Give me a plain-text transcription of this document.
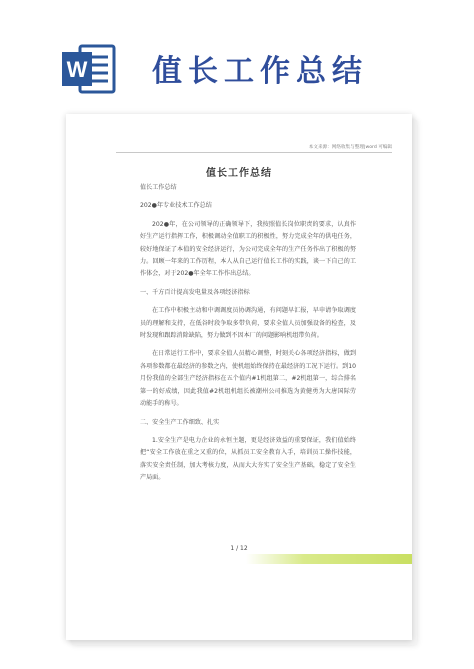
W 值长工作总结
本文来源：网络收集与整理|word 可编辑
值长工作总结

值长工作总结

202●年专业技术工作总结

202●年，在公司领导的正确领导下，我按照值长岗位职责的要求，认真作好生产运行指挥工作，积极调动全值职工的积极性，努力完成全年的供电任务，较好地保证了本值的安全经济运行，为公司完成全年的生产任务作出了积极的努力。回顾一年来的工作历程，本人从自己运行值长工作的实践，谈一下自己的工作体会，对于202●年全年工作作出总结。

一、千方百计提高发电量及各项经济指标

在工作中积极主动和中调调度员协调沟通，有问题早汇报，早申请争取调度员的理解和支持，在低谷时段争取多带负荷，要求全值人员加强设备的检查，及时发现和跟踪消除缺陷，努力做到不因本厂的问题影响机组带负荷。

在日常运行工作中，要求全值人员精心调整，时刻关心各项经济指标，做到各项参数都在最经济的参数之内，使机组始终保持在最经济的工况下运行。到10月份我值的全部生产经济指标在五个值内#1机组第二，#2机组第一，综合排名第一的好成绩，因此我值#2机组机组长被潮州公司推选为黄健勇为大唐国际劳动能手的称号。

二、安全生产工作细致、扎实

1.安全生产是电力企业的永恒主题，更是经济效益的重要保证，我们值始终把“安全工作放在重之又重的位，从抓员工安全教育入手，培训员工操作技能，落实安全责任制，加大考核力度，从而大大夯实了安全生产基础，稳定了安全生产局面。

1 / 12
